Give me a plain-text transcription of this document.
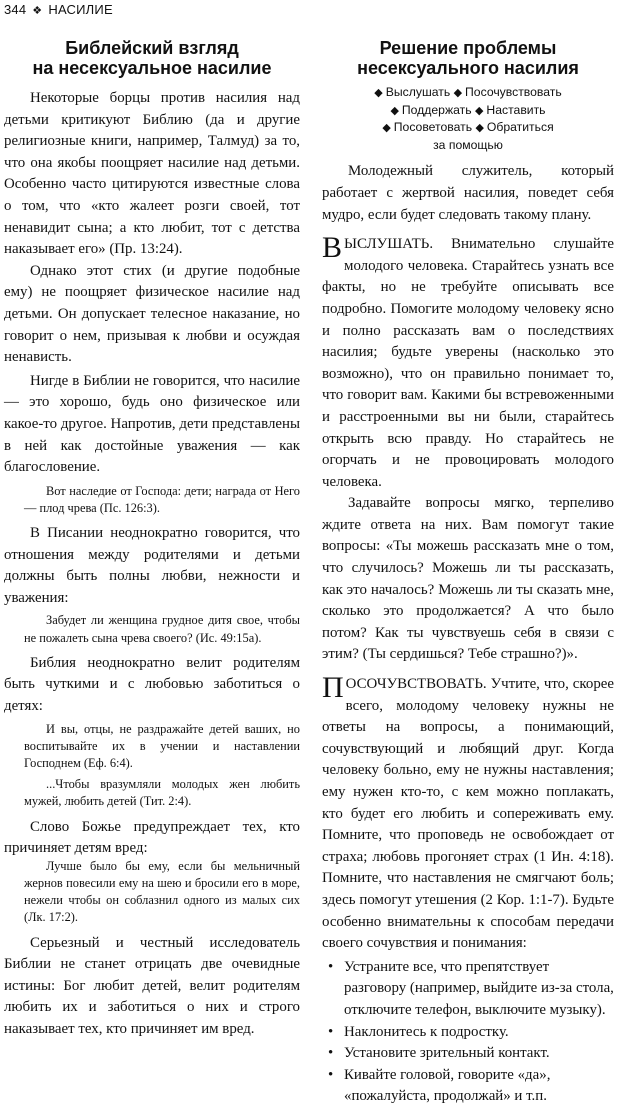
344 ❖ НАСИЛИЕ
Библейский взгляд
на несексуальное насилие

Некоторые борцы против насилия над детьми критикуют Библию (да и другие религиозные книги, например, Талмуд) за то, что она якобы поощряет насилие над детьми. Особенно часто цитируются известные слова о том, что «кто жалеет розги своей, тот ненавидит сына; а кто любит, тот с детства наказывает его» (Пр. 13:24).

Однако этот стих (и другие подобные ему) не поощряет физическое насилие над детьми. Он допускает телесное наказание, но говорит о нем, призывая к любви и осуждая ненависть.

Нигде в Библии не говорится, что насилие — это хорошо, будь оно физическое или какое-то другое. Напротив, дети представлены в ней как достойные уважения — как благословение.

Вот наследие от Господа: дети; награда от Него — плод чрева (Пс. 126:3).

В Писании неоднократно говорится, что отношения между родителями и детьми должны быть полны любви, нежности и уважения:

Забудет ли женщина грудное дитя свое, чтобы не пожалеть сына чрева своего? (Ис. 49:15а).

Библия неоднократно велит родителям быть чуткими и с любовью заботиться о детях:

И вы, отцы, не раздражайте детей ваших, но воспитывайте их в учении и наставлении Господнем (Еф. 6:4).

...Чтобы вразумляли молодых жен любить мужей, любить детей (Тит. 2:4).

Слово Божье предупреждает тех, кто причиняет детям вред:

Лучше было бы ему, если бы мельничный жернов повесили ему на шею и бросили его в море, нежели чтобы он соблазнил одного из малых сих (Лк. 17:2).

Серьезный и честный исследователь Библии не станет отрицать две очевидные истины: Бог любит детей, велит родителям любить их и заботиться о них и строго наказывает тех, кто причиняет им вред.

Решение проблемы
несексуального насилия
◆ Выслушать ◆ Посочувствовать
◆ Поддержать ◆ Наставить
◆ Посоветовать ◆ Обратиться
за помощью

Молодежный служитель, который работает с жертвой насилия, поведет себя мудро, если будет следовать такому плану.

ВЫСЛУШАТЬ. Внимательно слушайте молодого человека. Старайтесь узнать все факты, но не требуйте описывать все подробно. Помогите молодому человеку ясно и полно рассказать вам о последствиях насилия; будьте уверены (насколько это возможно), что он правильно понимает то, что говорит вам. Какими бы встревоженными и расстроенными вы ни были, старайтесь открыть всю правду. Но старайтесь не огорчать и не провоцировать молодого человека.

Задавайте вопросы мягко, терпеливо ждите ответа на них. Вам помогут такие вопросы: «Ты можешь рассказать мне о том, что случилось? Можешь ли ты рассказать, как это началось? Можешь ли ты сказать мне, сколько это продолжается? А что было потом? Как ты чувствуешь себя в связи с этим? (Ты сердишься? Тебе страшно?)».

ПОСОЧУВСТВОВАТЬ. Учтите, что, скорее всего, молодому человеку нужны не ответы на вопросы, а понимающий, сочувствующий и любящий друг. Когда человеку больно, ему не нужны наставления; ему нужен кто-то, с кем можно поплакать, кто будет его любить и сопереживать ему. Помните, что проповедь не освобождает от страха; любовь прогоняет страх (1 Ин. 4:18). Помните, что наставления не смягчают боль; здесь помогут утешения (2 Кор. 1:1-7). Будьте особенно внимательны к способам передачи своего сочувствия и понимания:

• Устраните все, что препятствует разговору (например, выйдите из-за стола, отключите телефон, выключите музыку).
• Наклонитесь к подростку.
• Установите зрительный контакт.
• Кивайте головой, говорите «да», «пожалуйста, продолжай» и т.п.
